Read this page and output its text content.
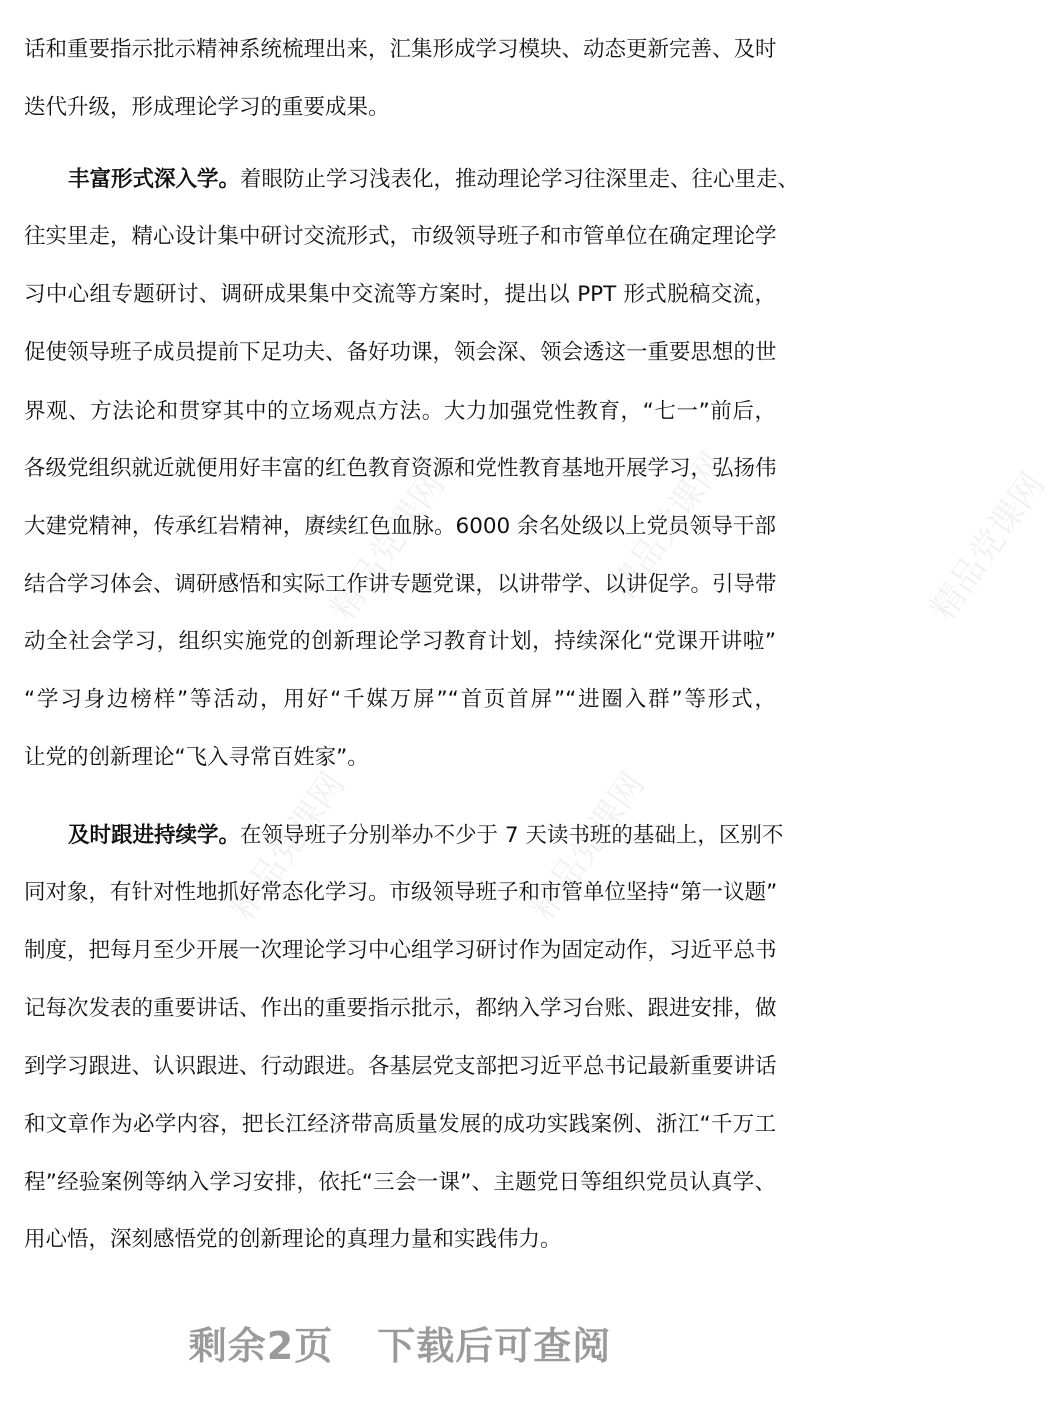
精品党课网	精品党课网
精品党课网
精品党课网	精品党课网
话和重要指示批示精神系统梳理出来，汇集形成学习模块、动态更新完善、及时
迭代升级，形成理论学习的重要成果。
丰富形式深入学。着眼防止学习浅表化，推动理论学习往深里走、往心里走、
往实里走，精心设计集中研讨交流形式，市级领导班子和市管单位在确定理论学
习中心组专题研讨、调研成果集中交流等方案时，提出以 PPT 形式脱稿交流，
促使领导班子成员提前下足功夫、备好功课，领会深、领会透这一重要思想的世
界观、方法论和贯穿其中的立场观点方法。大力加强党性教育，“七一”前后，
各级党组织就近就便用好丰富的红色教育资源和党性教育基地开展学习，弘扬伟
大建党精神，传承红岩精神，赓续红色血脉。6000 余名处级以上党员领导干部
结合学习体会、调研感悟和实际工作讲专题党课，以讲带学、以讲促学。引导带
动全社会学习，组织实施党的创新理论学习教育计划，持续深化“党课开讲啦”
“学习身边榜样”等活动，用好“千媒万屏”“首页首屏”“进圈入群”等形式，
让党的创新理论“飞入寻常百姓家”。
及时跟进持续学。在领导班子分别举办不少于 7 天读书班的基础上，区别不
同对象，有针对性地抓好常态化学习。市级领导班子和市管单位坚持“第一议题”
制度，把每月至少开展一次理论学习中心组学习研讨作为固定动作，习近平总书
记每次发表的重要讲话、作出的重要指示批示，都纳入学习台账、跟进安排，做
到学习跟进、认识跟进、行动跟进。各基层党支部把习近平总书记最新重要讲话
和文章作为必学内容，把长江经济带高质量发展的成功实践案例、浙江“千万工
程”经验案例等纳入学习安排，依托“三会一课”、主题党日等组织党员认真学、
用心悟，深刻感悟党的创新理论的真理力量和实践伟力。
剩余2页 下载后可查阅
